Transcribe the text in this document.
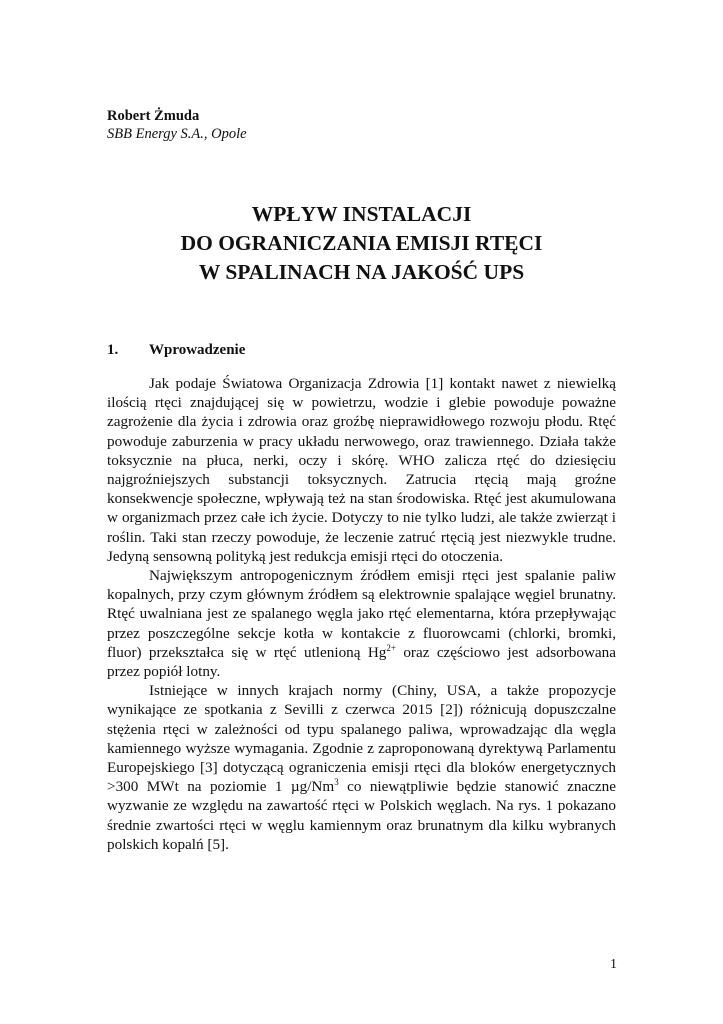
Robert Żmuda
SBB Energy S.A., Opole
WPŁYW INSTALACJI
DO OGRANICZANIA EMISJI RTĘCI
W SPALINACH NA JAKOŚĆ UPS
1. Wprowadzenie

Jak podaje Światowa Organizacja Zdrowia [1] kontakt nawet z niewielką ilością rtęci znajdującej się w powietrzu, wodzie i glebie powoduje poważne zagrożenie dla życia i zdrowia oraz groźbę nieprawidłowego rozwoju płodu. Rtęć powoduje zaburzenia w pracy układu nerwowego, oraz trawiennego. Działa także toksycznie na płuca, nerki, oczy i skórę. WHO zalicza rtęć do dziesięciu najgroźniejszych substancji toksycznych. Zatrucia rtęcią mają groźne konsekwencje społeczne, wpływają też na stan środowiska. Rtęć jest akumulowana w organizmach przez całe ich życie. Dotyczy to nie tylko ludzi, ale także zwierząt i roślin. Taki stan rzeczy powoduje, że leczenie zatruć rtęcią jest niezwykle trudne. Jedyną sensowną polityką jest redukcja emisji rtęci do otoczenia.

Największym antropogenicznym źródłem emisji rtęci jest spalanie paliw kopalnych, przy czym głównym źródłem są elektrownie spalające węgiel brunatny. Rtęć uwalniana jest ze spalanego węgla jako rtęć elementarna, która przepływając przez poszczególne sekcje kotła w kontakcie z fluorowcami (chlorki, bromki, fluor) przekształca się w rtęć utlenioną $Hg^{2+}$ oraz częściowo jest adsorbowana przez popiół lotny.

Istniejące w innych krajach normy (Chiny, USA, a także propozycje wynikające ze spotkania z Sevilli z czerwca 2015 [2]) różnicują dopuszczalne stężenia rtęci w zależności od typu spalanego paliwa, wprowadzając dla węgla kamiennego wyższe wymagania. Zgodnie z zaproponowaną dyrektywą Parlamentu Europejskiego [3] dotyczącą ograniczenia emisji rtęci dla bloków energetycznych >300 MWt na poziomie 1 µg/Nm$^3$ co niewątpliwie będzie stanowić znaczne wyzwanie ze względu na zawartość rtęci w Polskich węglach. Na rys. 1 pokazano średnie zwartości rtęci w węglu kamiennym oraz brunatnym dla kilku wybranych polskich kopalń [5].

1
